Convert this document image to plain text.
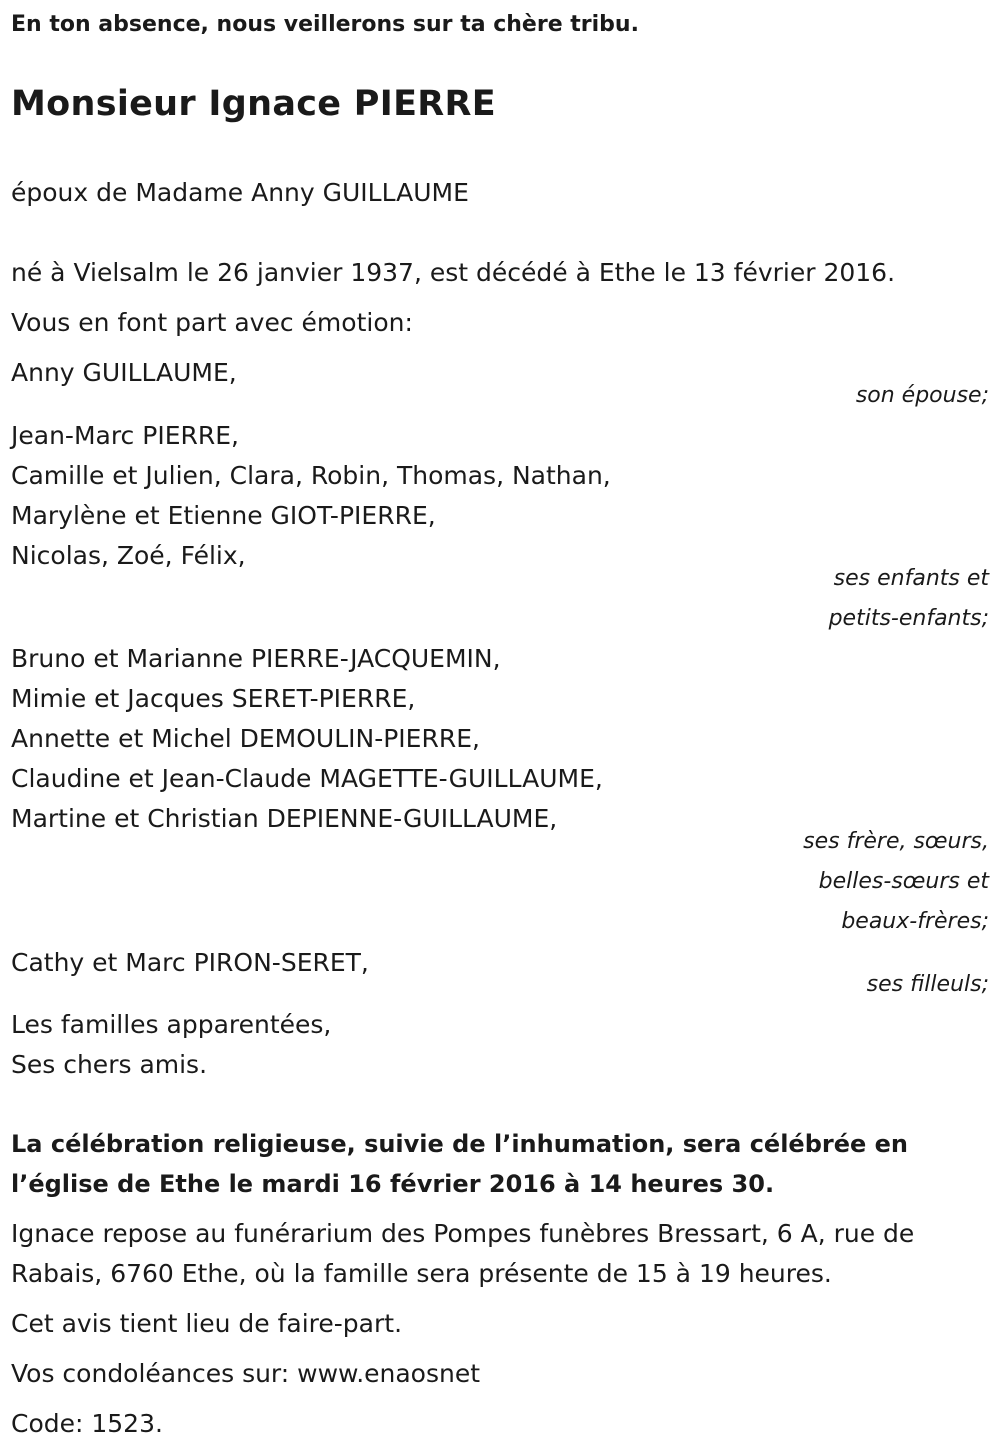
En ton absence, nous veillerons sur ta chère tribu.
Monsieur Ignace PIERRE
époux de Madame Anny GUILLAUME
né à Vielsalm le 26 janvier 1937, est décédé à Ethe le 13 février 2016.
Vous en font part avec émotion:
Anny GUILLAUME,
son épouse;
Jean-Marc PIERRE,
Camille et Julien, Clara, Robin, Thomas, Nathan,
Marylène et Etienne GIOT-PIERRE,
Nicolas, Zoé, Félix,
ses enfants et
petits-enfants;
Bruno et Marianne PIERRE-JACQUEMIN,
Mimie et Jacques SERET-PIERRE,
Annette et Michel DEMOULIN-PIERRE,
Claudine et Jean-Claude MAGETTE-GUILLAUME,
Martine et Christian DEPIENNE-GUILLAUME,
ses frère, sœurs,
belles-sœurs et
beaux-frères;
Cathy et Marc PIRON-SERET,
ses filleuls;
Les familles apparentées,
Ses chers amis.
La célébration religieuse, suivie de l’inhumation, sera célébrée en
l’église de Ethe le mardi 16 février 2016 à 14 heures 30.
Ignace repose au funérarium des Pompes funèbres Bressart, 6 A, rue de
Rabais, 6760 Ethe, où la famille sera présente de 15 à 19 heures.
Cet avis tient lieu de faire-part.
Vos condoléances sur: www.enaosnet
Code: 1523.
